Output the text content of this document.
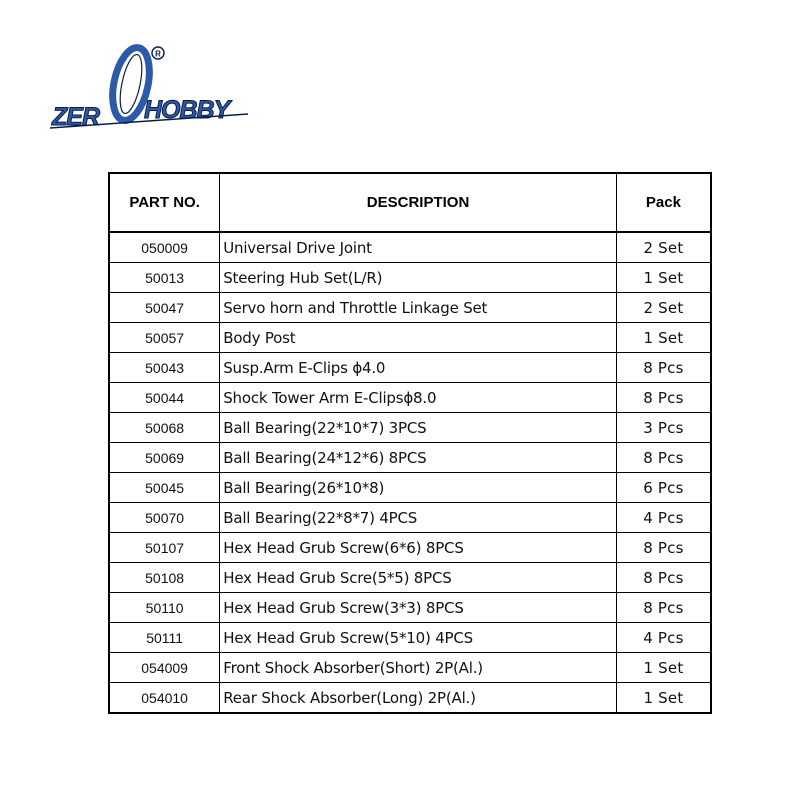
R
ZER HOBBY
PART NO.	DESCRIPTION	Pack
050009	Universal Drive Joint	2 Set
50013	Steering Hub Set(L/R)	1 Set
50047	Servo horn and Throttle Linkage Set	2 Set
50057	Body Post	1 Set
50043	Susp.Arm E-Clips ϕ4.0	8 Pcs
50044	Shock Tower Arm E-Clipsϕ8.0	8 Pcs
50068	Ball Bearing(22*10*7) 3PCS	3 Pcs
50069	Ball Bearing(24*12*6) 8PCS	8 Pcs
50045	Ball Bearing(26*10*8)	6 Pcs
50070	Ball Bearing(22*8*7) 4PCS	4 Pcs
50107	Hex Head Grub Screw(6*6) 8PCS	8 Pcs
50108	Hex Head Grub Scre(5*5) 8PCS	8 Pcs
50110	Hex Head Grub Screw(3*3) 8PCS	8 Pcs
50111	Hex Head Grub Screw(5*10) 4PCS	4 Pcs
054009	Front Shock Absorber(Short) 2P(Al.)	1 Set
054010	Rear Shock Absorber(Long) 2P(Al.)	1 Set
